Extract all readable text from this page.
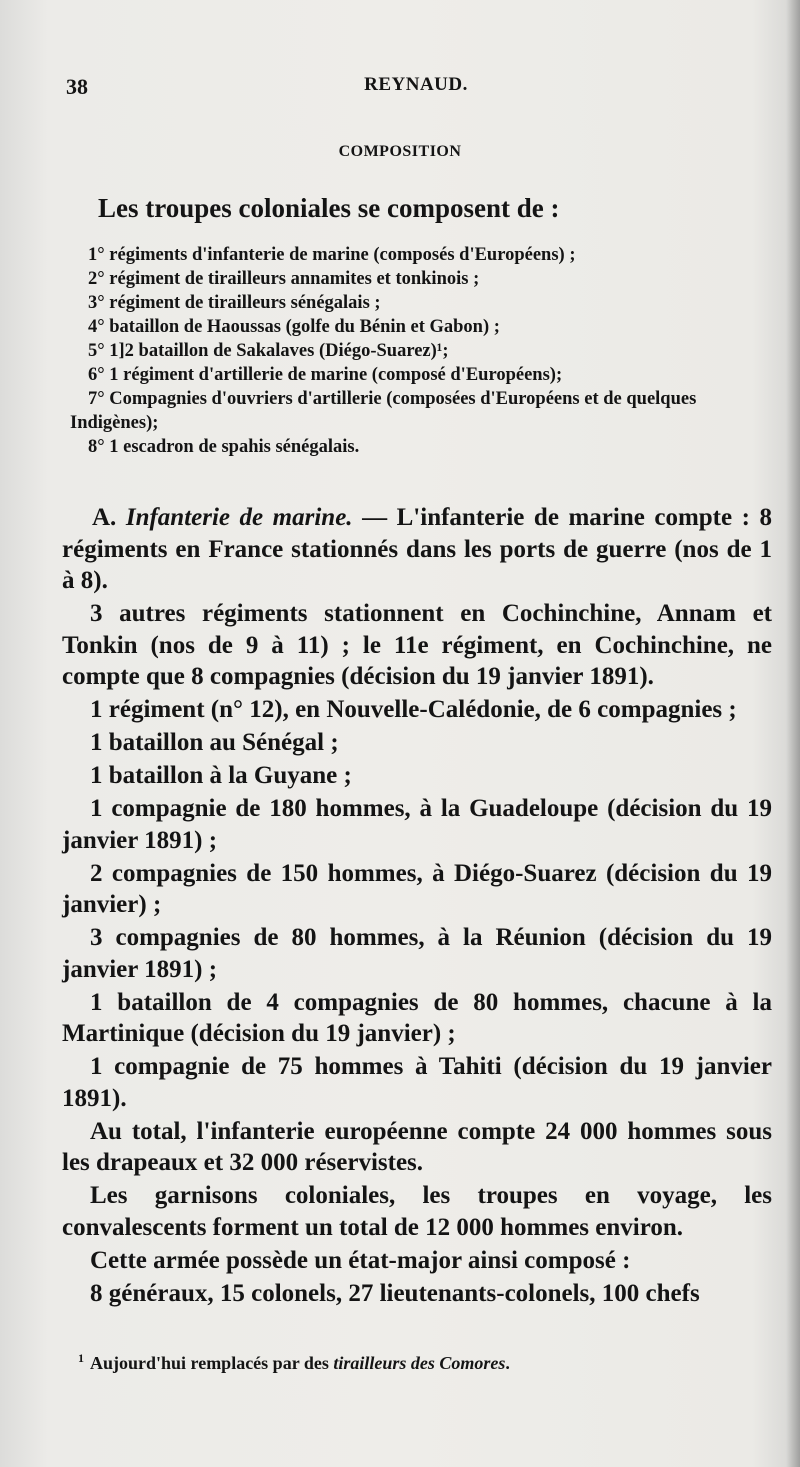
38	REYNAUD.
COMPOSITION
Les troupes coloniales se composent de :

1° régiments d'infanterie de marine (composés d'Européens) ;

2° régiment de tirailleurs annamites et tonkinois ;

3° régiment de tirailleurs sénégalais ;

4° bataillon de Haoussas (golfe du Bénin et Gabon) ;

5° 1]2 bataillon de Sakalaves (Diégo-Suarez)¹;

6° 1 régiment d'artillerie de marine (composé d'Européens);

7° Compagnies d'ouvriers d'artillerie (composées d'Européens et de quelques Indigènes);

8° 1 escadron de spahis sénégalais.

A. Infanterie de marine. — L'infanterie de marine compte : 8 régiments en France stationnés dans les ports de guerre (nos de 1 à 8).

3 autres régiments stationnent en Cochinchine, Annam et Tonkin (nos de 9 à 11) ; le 11e régiment, en Cochinchine, ne compte que 8 compagnies (décision du 19 janvier 1891).

1 régiment (n° 12), en Nouvelle-Calédonie, de 6 compagnies ;

1 bataillon au Sénégal ;

1 bataillon à la Guyane ;

1 compagnie de 180 hommes, à la Guadeloupe (décision du 19 janvier 1891) ;

2 compagnies de 150 hommes, à Diégo-Suarez (décision du 19 janvier) ;

3 compagnies de 80 hommes, à la Réunion (décision du 19 janvier 1891) ;

1 bataillon de 4 compagnies de 80 hommes, chacune à la Martinique (décision du 19 janvier) ;

1 compagnie de 75 hommes à Tahiti (décision du 19 janvier 1891).

Au total, l'infanterie européenne compte 24 000 hommes sous les drapeaux et 32 000 réservistes.

Les garnisons coloniales, les troupes en voyage, les convalescents forment un total de 12 000 hommes environ.

Cette armée possède un état-major ainsi composé :

8 généraux, 15 colonels, 27 lieutenants-colonels, 100 chefs

$^1$ Aujourd'hui remplacés par des tirailleurs des Comores.
